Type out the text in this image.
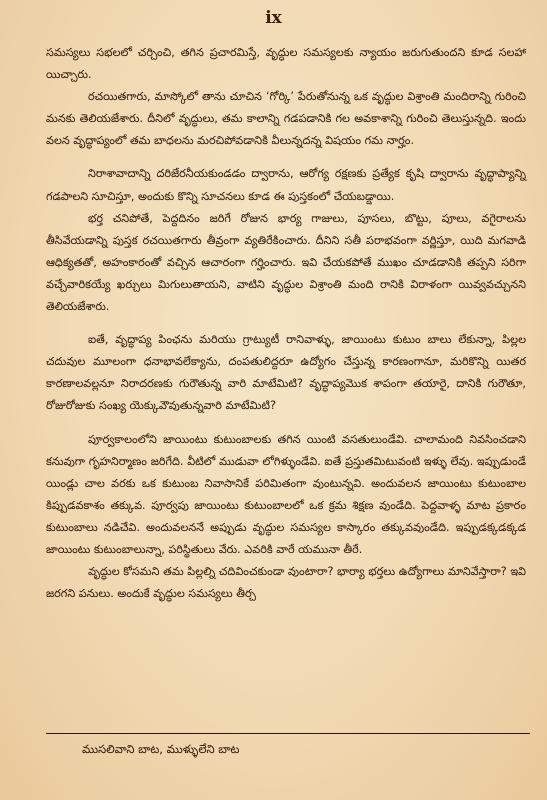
ix

సమస్యలు సభలలో చర్చించి, తగిన ప్రచారమిస్తే, వృద్ధుల సమస్యలకు న్యాయం జరుగుతుందని కూడ సలహా యిచ్చారు.

రచయితగారు, మాస్కోలో తాను చూచిన ‘గోర్కి’ పేరుతోనున్న ఒక వృద్ధుల విశ్రాంతి మందిరాన్ని గురించి మనకు తెలియజేశారు. దీనిలో వృద్ధులు, తమ కాలాన్ని గడపడానికి గల అవకాశాన్ని గురించి తెలుస్తున్నది. ఇందు వలన వృద్ధాప్యంలో తమ బాధలను మరచిపోవడానికి వీలున్నదన్న విషయం గమ నార్హం.

నిరాశావాదాన్ని దరిజేరనీయకుండడం ద్వారాను, ఆరోగ్య రక్షణకు ప్రత్యేక కృషి ద్వారాను వృద్ధాప్యాన్ని గడపాలని సూచిస్తూ, అందుకు కొన్ని సూచనలు కూడ ఈ పుస్తకంలో చేయబడ్డాయి.

భర్త చనిపోతే, పెద్దదినం జరిగే రోజున భార్య గాజులు, పూసలు, బొట్టు, పూలు, వగైరాలను తీసివేయడాన్ని పుస్తక రచయితగారు తీవ్రంగా వ్యతిరేకించారు. దీనిని సతీ పరాభవంగా వర్ణిస్తూ, యిది మగవాడి ఆధిక్యతతో, అహంకారంతో వచ్చిన ఆచారంగా గర్హించారు. ఇవి చేయకపోతే ముఖం చూడడానికి తప్పని సరిగా వచ్చేవారికయ్యే ఖర్చులు మిగులుతాయని, వాటిని వృద్ధుల విశ్రాంతి మంది రానికి విరాళంగా యివ్వవచ్చునని తెలియజేశారు.

ఐతే, వృద్ధాప్య పింఛను మరియు గ్రాట్యుటీ రానివాళ్ళు, జాయింటు కుటుం బాలు లేకున్నా, పిల్లల చదువుల మూలంగా ధనాభావలేక్యాను, దంపతులిద్దరూ ఉద్యోగం చేస్తున్న కారణంగానూ, మరికొన్ని యితర కారణాలవల్లనూ నిరాదరణకు గురౌతున్న వారి మాటేమిటి? వృద్ధాప్యమొక శాపంగా తయారై, దానికి గురౌతూ, రోజురోజుకు సంఖ్య యెక్కువౌవుతున్నవారి మాటేమిటి?

పూర్వకాలంలోని జాయింటు కుటుంబాలకు తగిన యింటి వసతులుండేవి. చాలామంది నివసించడాని కనువుగా గృహనిర్మాణం జరిగేది. వీటిలో ముడువా లోగిళ్ళుండేవి. ఐతే ప్రస్తుతమిటువంటి ఇళ్ళు లేవు. ఇప్పుడుండే యిండ్లు చాల వరకు ఒక కుటుంబ నివాసానికే పరిమితంగా వుంటున్నవి. అందువలన జాయింటు కుటుంబాల కిప్పుడవకాశం తక్కువ. పూర్వపు జాయింటు కుటుంబాలలో ఒక క్రమ శిక్షణ వుండేది. పెద్దవాళ్ళ మాట ప్రకారం కుటుంబాలు నడిచేవి. అందువలననే అప్పుడు వృద్ధుల సమస్యల కాస్కారం తక్కువవుండేది. ఇప్పుడక్కడక్కడ జాయింటు కుటుంబాలున్నా, పరిస్థితులు వేరు. ఎవరికి వారే యమునా తీరే.

వృద్ధుల కోసమని తమ పిల్లల్ని చదివించకుండా వుంటారా? భార్యా భర్తలు ఉద్యోగాలు మానివేస్తారా? ఇవి జరగని పనులు. అందుకే వృద్ధుల సమస్యలు తీర్చ

ముసలివాని బాట, ముళ్ళులేని బాట
